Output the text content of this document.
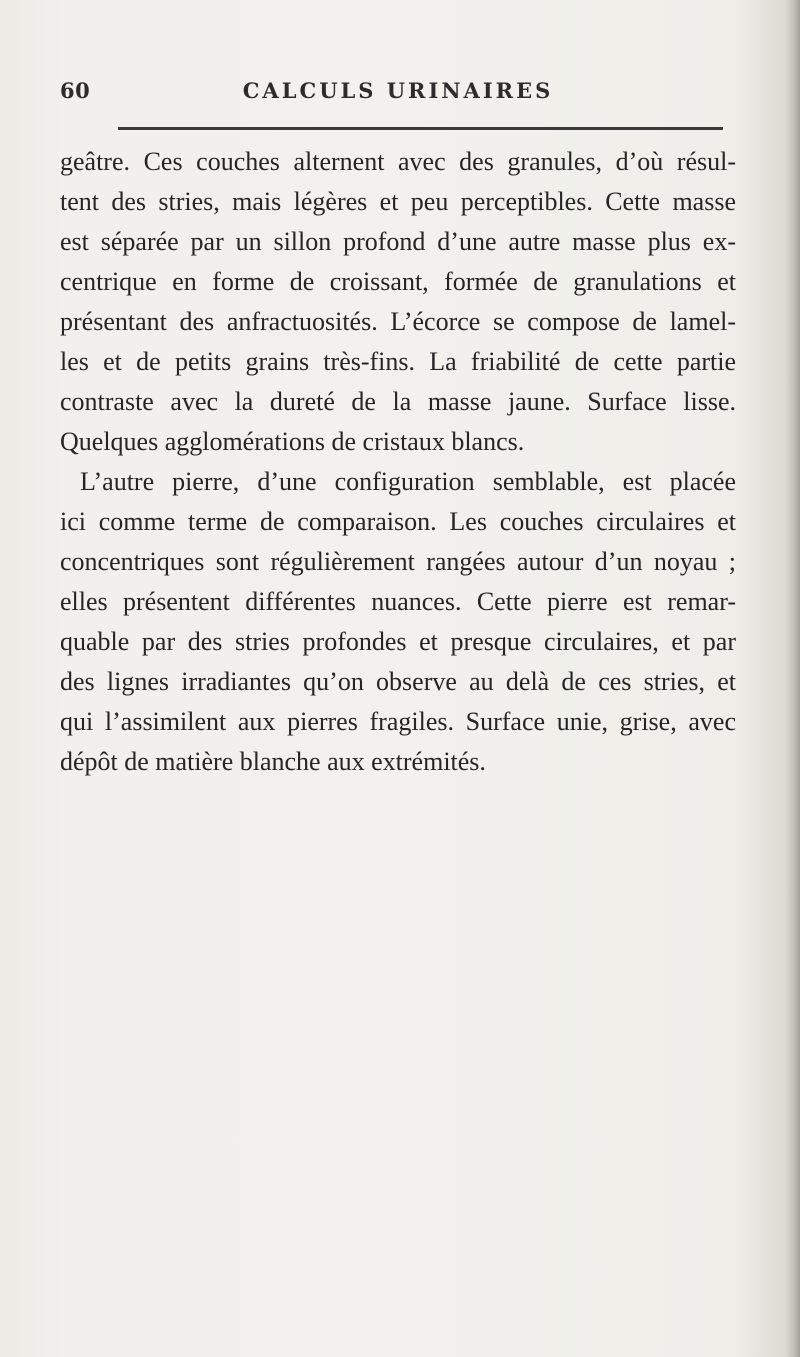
60	CALCULS URINAIRES
geâtre. Ces couches alternent avec des granules, d’où résul-
tent des stries, mais légères et peu perceptibles. Cette masse
est séparée par un sillon profond d’une autre masse plus ex-
centrique en forme de croissant, formée de granulations et
présentant des anfractuosités. L’écorce se compose de lamel-
les et de petits grains très-fins. La friabilité de cette partie
contraste avec la dureté de la masse jaune. Surface lisse.
Quelques agglomérations de cristaux blancs.
L’autre pierre, d’une configuration semblable, est placée
ici comme terme de comparaison. Les couches circulaires et
concentriques sont régulièrement rangées autour d’un noyau ;
elles présentent différentes nuances. Cette pierre est remar-
quable par des stries profondes et presque circulaires, et par
des lignes irradiantes qu’on observe au delà de ces stries, et
qui l’assimilent aux pierres fragiles. Surface unie, grise, avec
dépôt de matière blanche aux extrémités.
